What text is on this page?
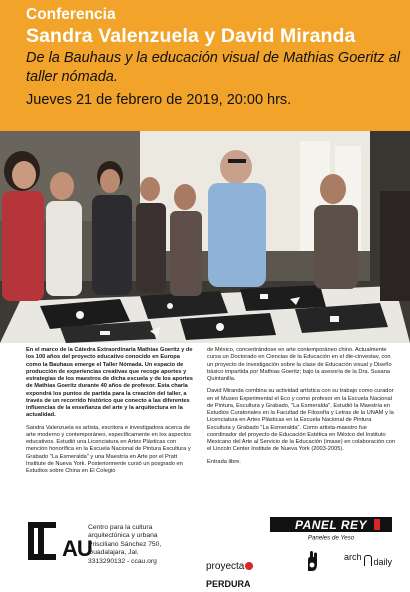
Conferencia
Sandra Valenzuela y David Miranda
De la Bauhaus y la educación visual de Mathias Goeritz al taller nómada.
Jueves 21 de febrero de 2019, 20:00 hrs.

En el marco de la Cátedra Extraordinaria Mathias Goeritz y de los 100 años del proyecto educativo conocido en Europa como la Bauhaus emerge el Taller Nómada. Un espacio de producción de experiencias creativas que recoge aportes y estrategias de los maestros de dicha escuela y de los aportes de Mathias Goeritz durante 40 años de profesor. Esta charla expondrá los puntos de partida para la creación del taller, a través de un recorrido histórico que conecto a las diferentes influencias de la enseñanza del arte y la arquitectura en la actualidad.

Sandra Valenzuela es artista, escritora e investigadora acerca de arte moderno y contemporáneo, específicamente en los aspectos educativos. Estudió una Licenciatura en Artes Plásticas con mención honorífica en la Escuela Nacional de Pintura Escultura y Grabado "La Esmeralda" y una Maestría en Arte por el Pratt Institute de Nueva York. Posteriormente cursó un posgrado en Estudios sobre China en El Colegio

de México, concentrándose en arte contemporáneo chino. Actualmente cursa un Doctorado en Ciencias de la Educación en el die-cinvestav, con un proyecto de investigación sobre la clase de Educación visual y Diseño básico impartida por Mathias Goeritz; bajo la asesoría de la Dra. Susana Quintanilla.

David Miranda combina su actividad artística con su trabajo como curador en el Museo Experimental el Eco y como profesor en la Escuela Nacional de Pintura, Escultura y Grabado, "La Esmeralda". Estudió la Maestría en Estudios Curatoriales en la Facultad de Filosofía y Letras de la UNAM y la Licenciatura en Artes Plásticas en la Escuela Nacional de Pintura Escultura y Grabado "La Esmeralda". Como artista-maestro fue coordinador del proyecto de Educación Estética en México del Instituto Mexicano del Arte al Servicio de la Educación (imase) en colaboración con el Lincoln Center Institute de Nueva York (2003-2005).

Entrada libre.

AU
Centro para la cultura
arquitectónica y urbana
Prisciliano Sánchez 750,
Guadalajara, Jal.
3313290132 - ccau.org
PANEL REY
Paneles de Yeso
proyectaPERDURA
$^{arch}$ daily
